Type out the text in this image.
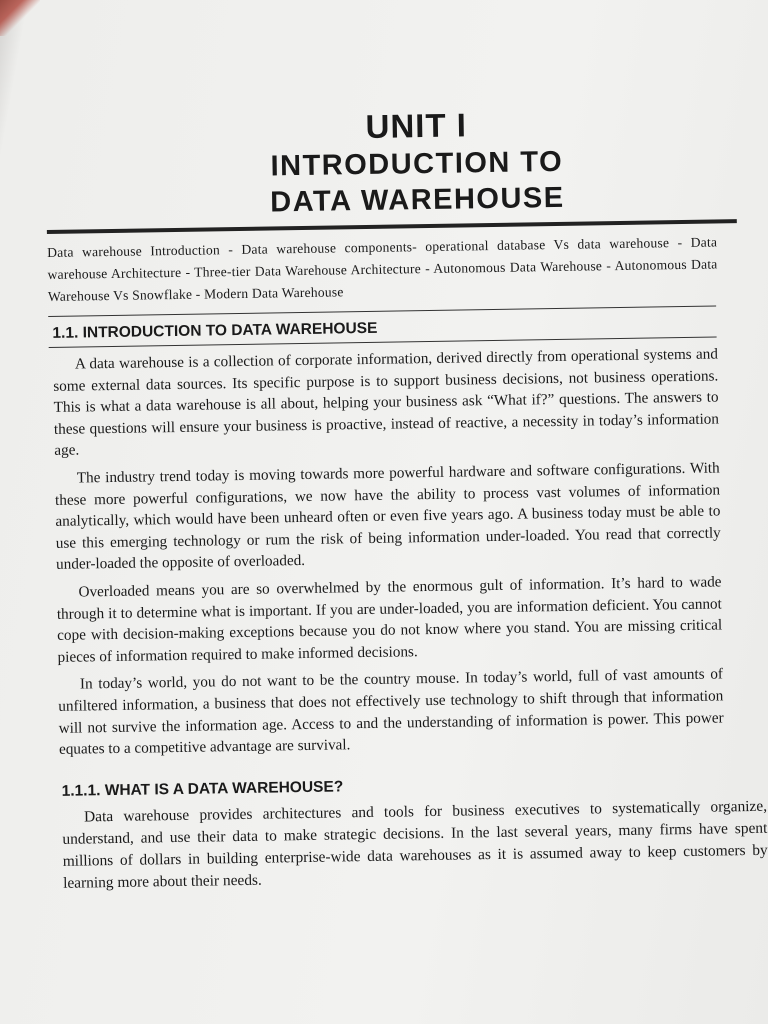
UNIT I
INTRODUCTION TO
DATA WAREHOUSE

Data warehouse Introduction - Data warehouse components- operational database Vs data warehouse - Data warehouse Architecture - Three-tier Data Warehouse Architecture - Autonomous Data Warehouse - Autonomous Data Warehouse Vs Snowflake - Modern Data Warehouse

1.1. INTRODUCTION TO DATA WAREHOUSE

A data warehouse is a collection of corporate information, derived directly from operational systems and some external data sources. Its specific purpose is to support business decisions, not business operations. This is what a data warehouse is all about, helping your business ask “What if?” questions. The answers to these questions will ensure your business is proactive, instead of reactive, a necessity in today’s information age.

The industry trend today is moving towards more powerful hardware and software configurations. With these more powerful configurations, we now have the ability to process vast volumes of information analytically, which would have been unheard often or even five years ago. A business today must be able to use this emerging technology or rum the risk of being information under-loaded. You read that correctly under-loaded the opposite of overloaded.

Overloaded means you are so overwhelmed by the enormous gult of information. It’s hard to wade through it to determine what is important. If you are under-loaded, you are information deficient. You cannot cope with decision-making exceptions because you do not know where you stand. You are missing critical pieces of information required to make informed decisions.

In today’s world, you do not want to be the country mouse. In today’s world, full of vast amounts of unfiltered information, a business that does not effectively use technology to shift through that information will not survive the information age. Access to and the understanding of information is power. This power equates to a competitive advantage are survival.

1.1.1. WHAT IS A DATA WAREHOUSE?

Data warehouse provides architectures and tools for business executives to systematically organize, understand, and use their data to make strategic decisions. In the last several years, many firms have spent millions of dollars in building enterprise-wide data warehouses as it is assumed away to keep customers by learning more about their needs.
